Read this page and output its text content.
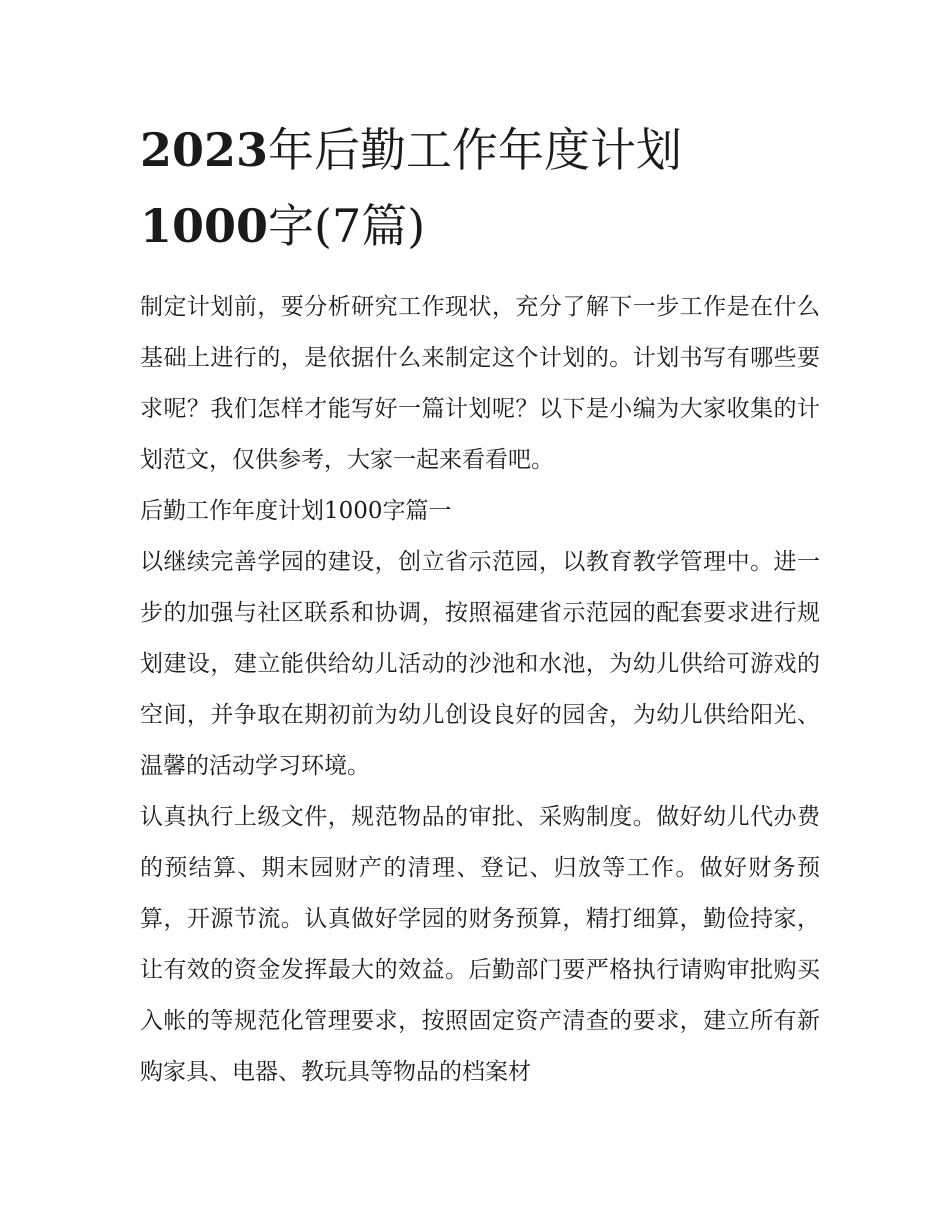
2023年后勤工作年度计划
1000字(7篇)

制定计划前，要分析研究工作现状，充分了解下一步工作是在什么基础上进行的，是依据什么来制定这个计划的。计划书写有哪些要求呢？我们怎样才能写好一篇计划呢？以下是小编为大家收集的计划范文，仅供参考，大家一起来看看吧。

后勤工作年度计划1000字篇一

以继续完善学园的建设，创立省示范园，以教育教学管理中。进一步的加强与社区联系和协调，按照福建省示范园的配套要求进行规划建设，建立能供给幼儿活动的沙池和水池，为幼儿供给可游戏的空间，并争取在期初前为幼儿创设良好的园舍，为幼儿供给阳光、温馨的活动学习环境。

认真执行上级文件，规范物品的审批、采购制度。做好幼儿代办费的预结算、期末园财产的清理、登记、归放等工作。做好财务预算，开源节流。认真做好学园的财务预算，精打细算，勤俭持家，让有效的资金发挥最大的效益。后勤部门要严格执行请购审批购买入帐的等规范化管理要求，按照固定资产清查的要求，建立所有新购家具、电器、教玩具等物品的档案材
